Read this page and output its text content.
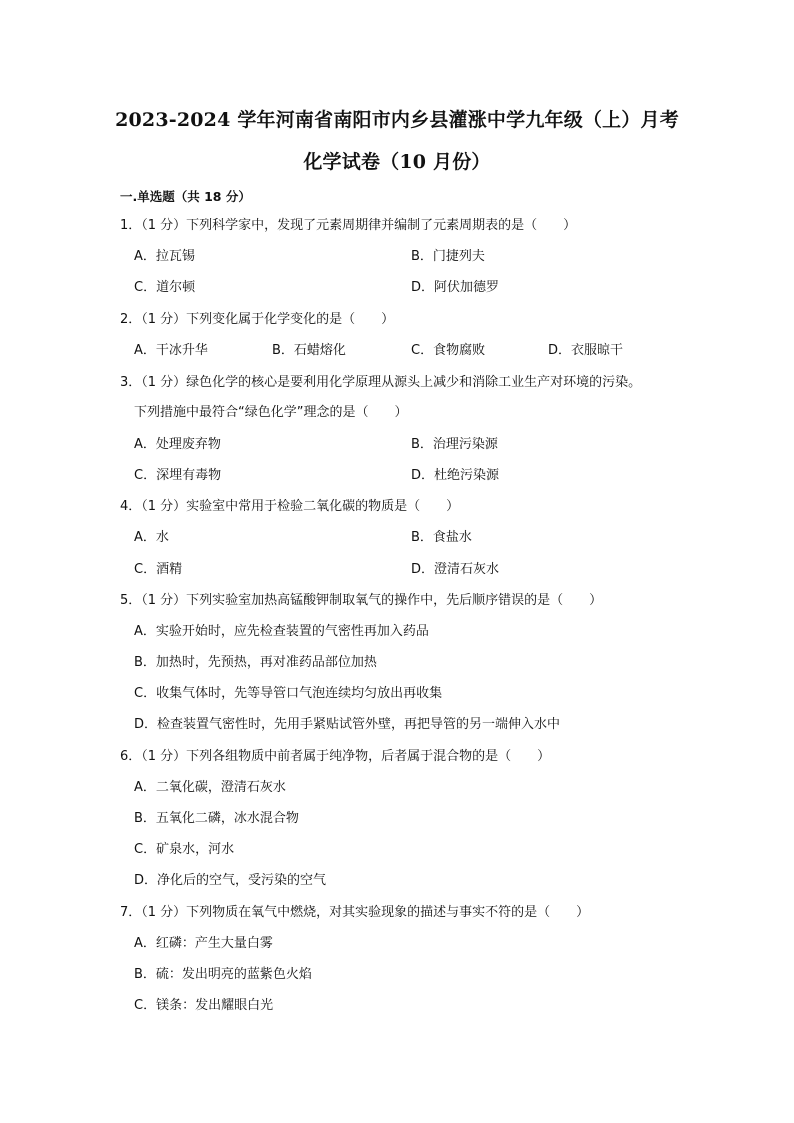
2023-2024 学年河南省南阳市内乡县灌涨中学九年级（上）月考
化学试卷（10 月份）
一.单选题（共 18 分）
1．（1 分）下列科学家中，发现了元素周期律并编制了元素周期表的是（　　）
A．拉瓦锡	B．门捷列夫
C．道尔顿	D．阿伏加德罗
2．（1 分）下列变化属于化学变化的是（　　）
A．干冰升华	B．石蜡熔化	C．食物腐败	D．衣服晾干
3．（1 分）绿色化学的核心是要利用化学原理从源头上减少和消除工业生产对环境的污染。
下列措施中最符合“绿色化学”理念的是（　　）
A．处理废弃物	B．治理污染源
C．深埋有毒物	D．杜绝污染源
4．（1 分）实验室中常用于检验二氧化碳的物质是（　　）
A．水	B．食盐水
C．酒精	D．澄清石灰水
5．（1 分）下列实验室加热高锰酸钾制取氧气的操作中，先后顺序错误的是（　　）
A．实验开始时，应先检查装置的气密性再加入药品
B．加热时，先预热，再对准药品部位加热
C．收集气体时，先等导管口气泡连续均匀放出再收集
D．检查装置气密性时，先用手紧贴试管外壁，再把导管的另一端伸入水中
6．（1 分）下列各组物质中前者属于纯净物，后者属于混合物的是（　　）
A．二氧化碳，澄清石灰水
B．五氧化二磷，冰水混合物
C．矿泉水，河水
D．净化后的空气，受污染的空气
7．（1 分）下列物质在氧气中燃烧，对其实验现象的描述与事实不符的是（　　）
A．红磷：产生大量白雾
B．硫：发出明亮的蓝紫色火焰
C．镁条：发出耀眼白光
